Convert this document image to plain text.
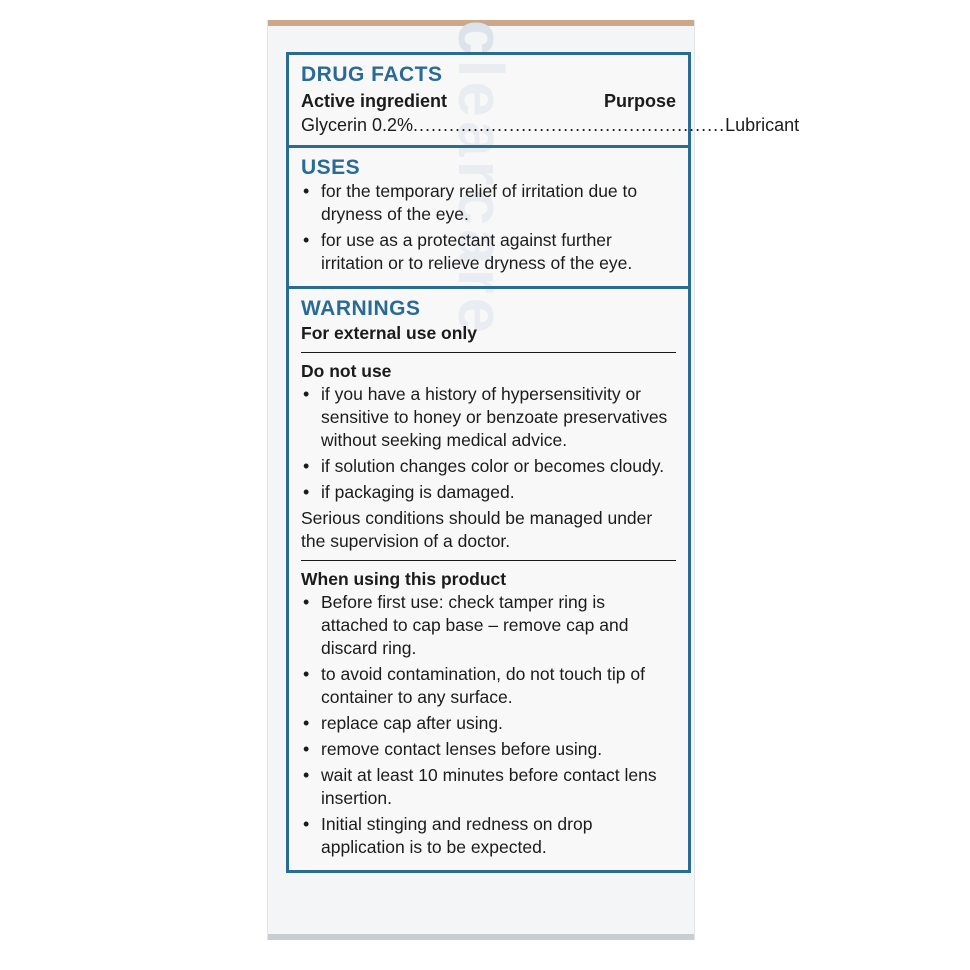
clearcare
DRUG FACTS
Active ingredient	Purpose
Glycerin 0.2% .................................................... Lubricant
USES
• for the temporary relief of irritation due to dryness of the eye.
• for use as a protectant against further irritation or to relieve dryness of the eye.
WARNINGS
For external use only
Do not use
• if you have a history of hypersensitivity or sensitive to honey or benzoate preservatives without seeking medical advice.
• if solution changes color or becomes cloudy.
• if packaging is damaged.
Serious conditions should be managed under the supervision of a doctor.
When using this product
• Before first use: check tamper ring is attached to cap base – remove cap and discard ring.
• to avoid contamination, do not touch tip of container to any surface.
• replace cap after using.
• remove contact lenses before using.
• wait at least 10 minutes before contact lens insertion.
• Initial stinging and redness on drop application is to be expected.
